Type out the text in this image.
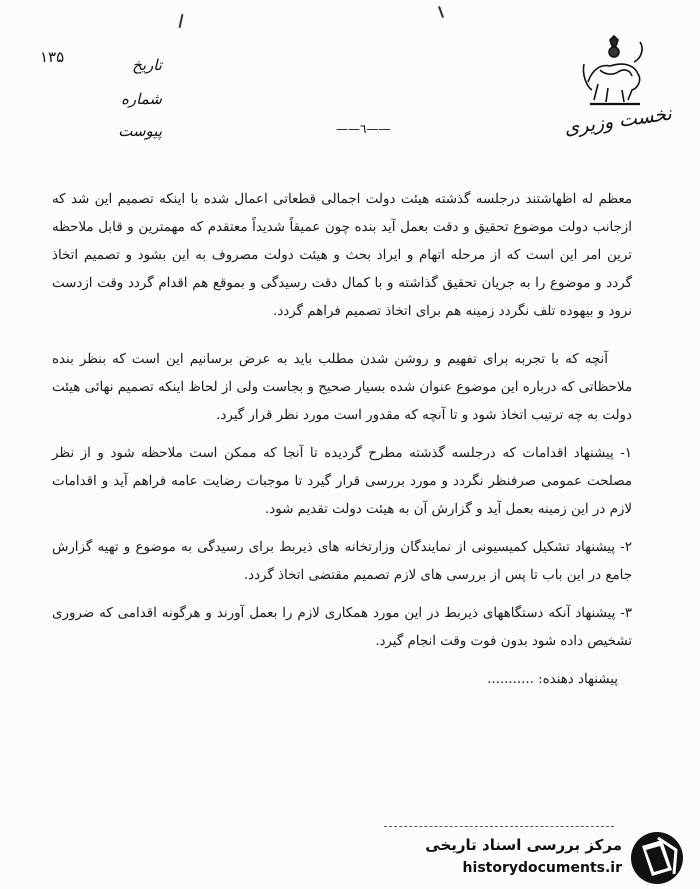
نخست وزیری
۱۳۵	تاریخ
شماره
پیوست	——٦——

معظم له اظهاشتند درجلسه گذشته هیئت دولت اجمالی قطعاتی اعمال شده با اینکه تصمیم این شد که ازجانب دولت موضوع تحقیق و دقت بعمل آید بنده چون عمیقاً شدیداً معتقدم که مهمترین و قابل ملاحظه ترین امر این است که از مرحله اتهام و ایراد بحث و هیئت دولت مصروف به این بشود و تصمیم اتخاذ گردد و موضوع را به جریان تحقیق گذاشته و با کمال دقت رسیدگی و بموقع هم اقدام گردد وقت ازدست نرود و بیهوده تلف نگردد زمینه هم برای اتخاذ تصمیم فراهم گردد.

آنچه که با تجربه برای تفهیم و روشن شدن مطلب باید به عرض برسانیم این است که بنظر بنده ملاحظاتی که درباره این موضوع عنوان شده بسیار صحیح و بجاست ولی از لحاظ اینکه تصمیم نهائی هیئت دولت به چه ترتیب اتخاذ شود و تا آنچه که مقدور است مورد نظر قرار گیرد.

۱- پیشنهاد اقدامات که درجلسه گذشته مطرح گردیده تا آنجا که ممکن است ملاحظه شود و از نظر مصلحت عمومی صرفنظر نگردد و مورد بررسی قرار گیرد تا موجبات رضایت عامه فراهم آید و اقدامات لازم در این زمینه بعمل آید و گزارش آن به هیئت دولت تقدیم شود.

۲- پیشنهاد تشکیل کمیسیونی از نمایندگان وزارتخانه های ذیربط برای رسیدگی به موضوع و تهیه گزارش جامع در این باب تا پس از بررسی های لازم تصمیم مقتضی اتخاذ گردد.

۳- پیشنهاد آنکه دستگاههای ذیربط در این مورد همکاری لازم را بعمل آورند و هرگونه اقدامی که ضروری تشخیص داده شود بدون فوت وقت انجام گیرد.

پیشنهاد دهنده: ...........

مرکز بررسی اسناد تاریخی
historydocuments.ir
